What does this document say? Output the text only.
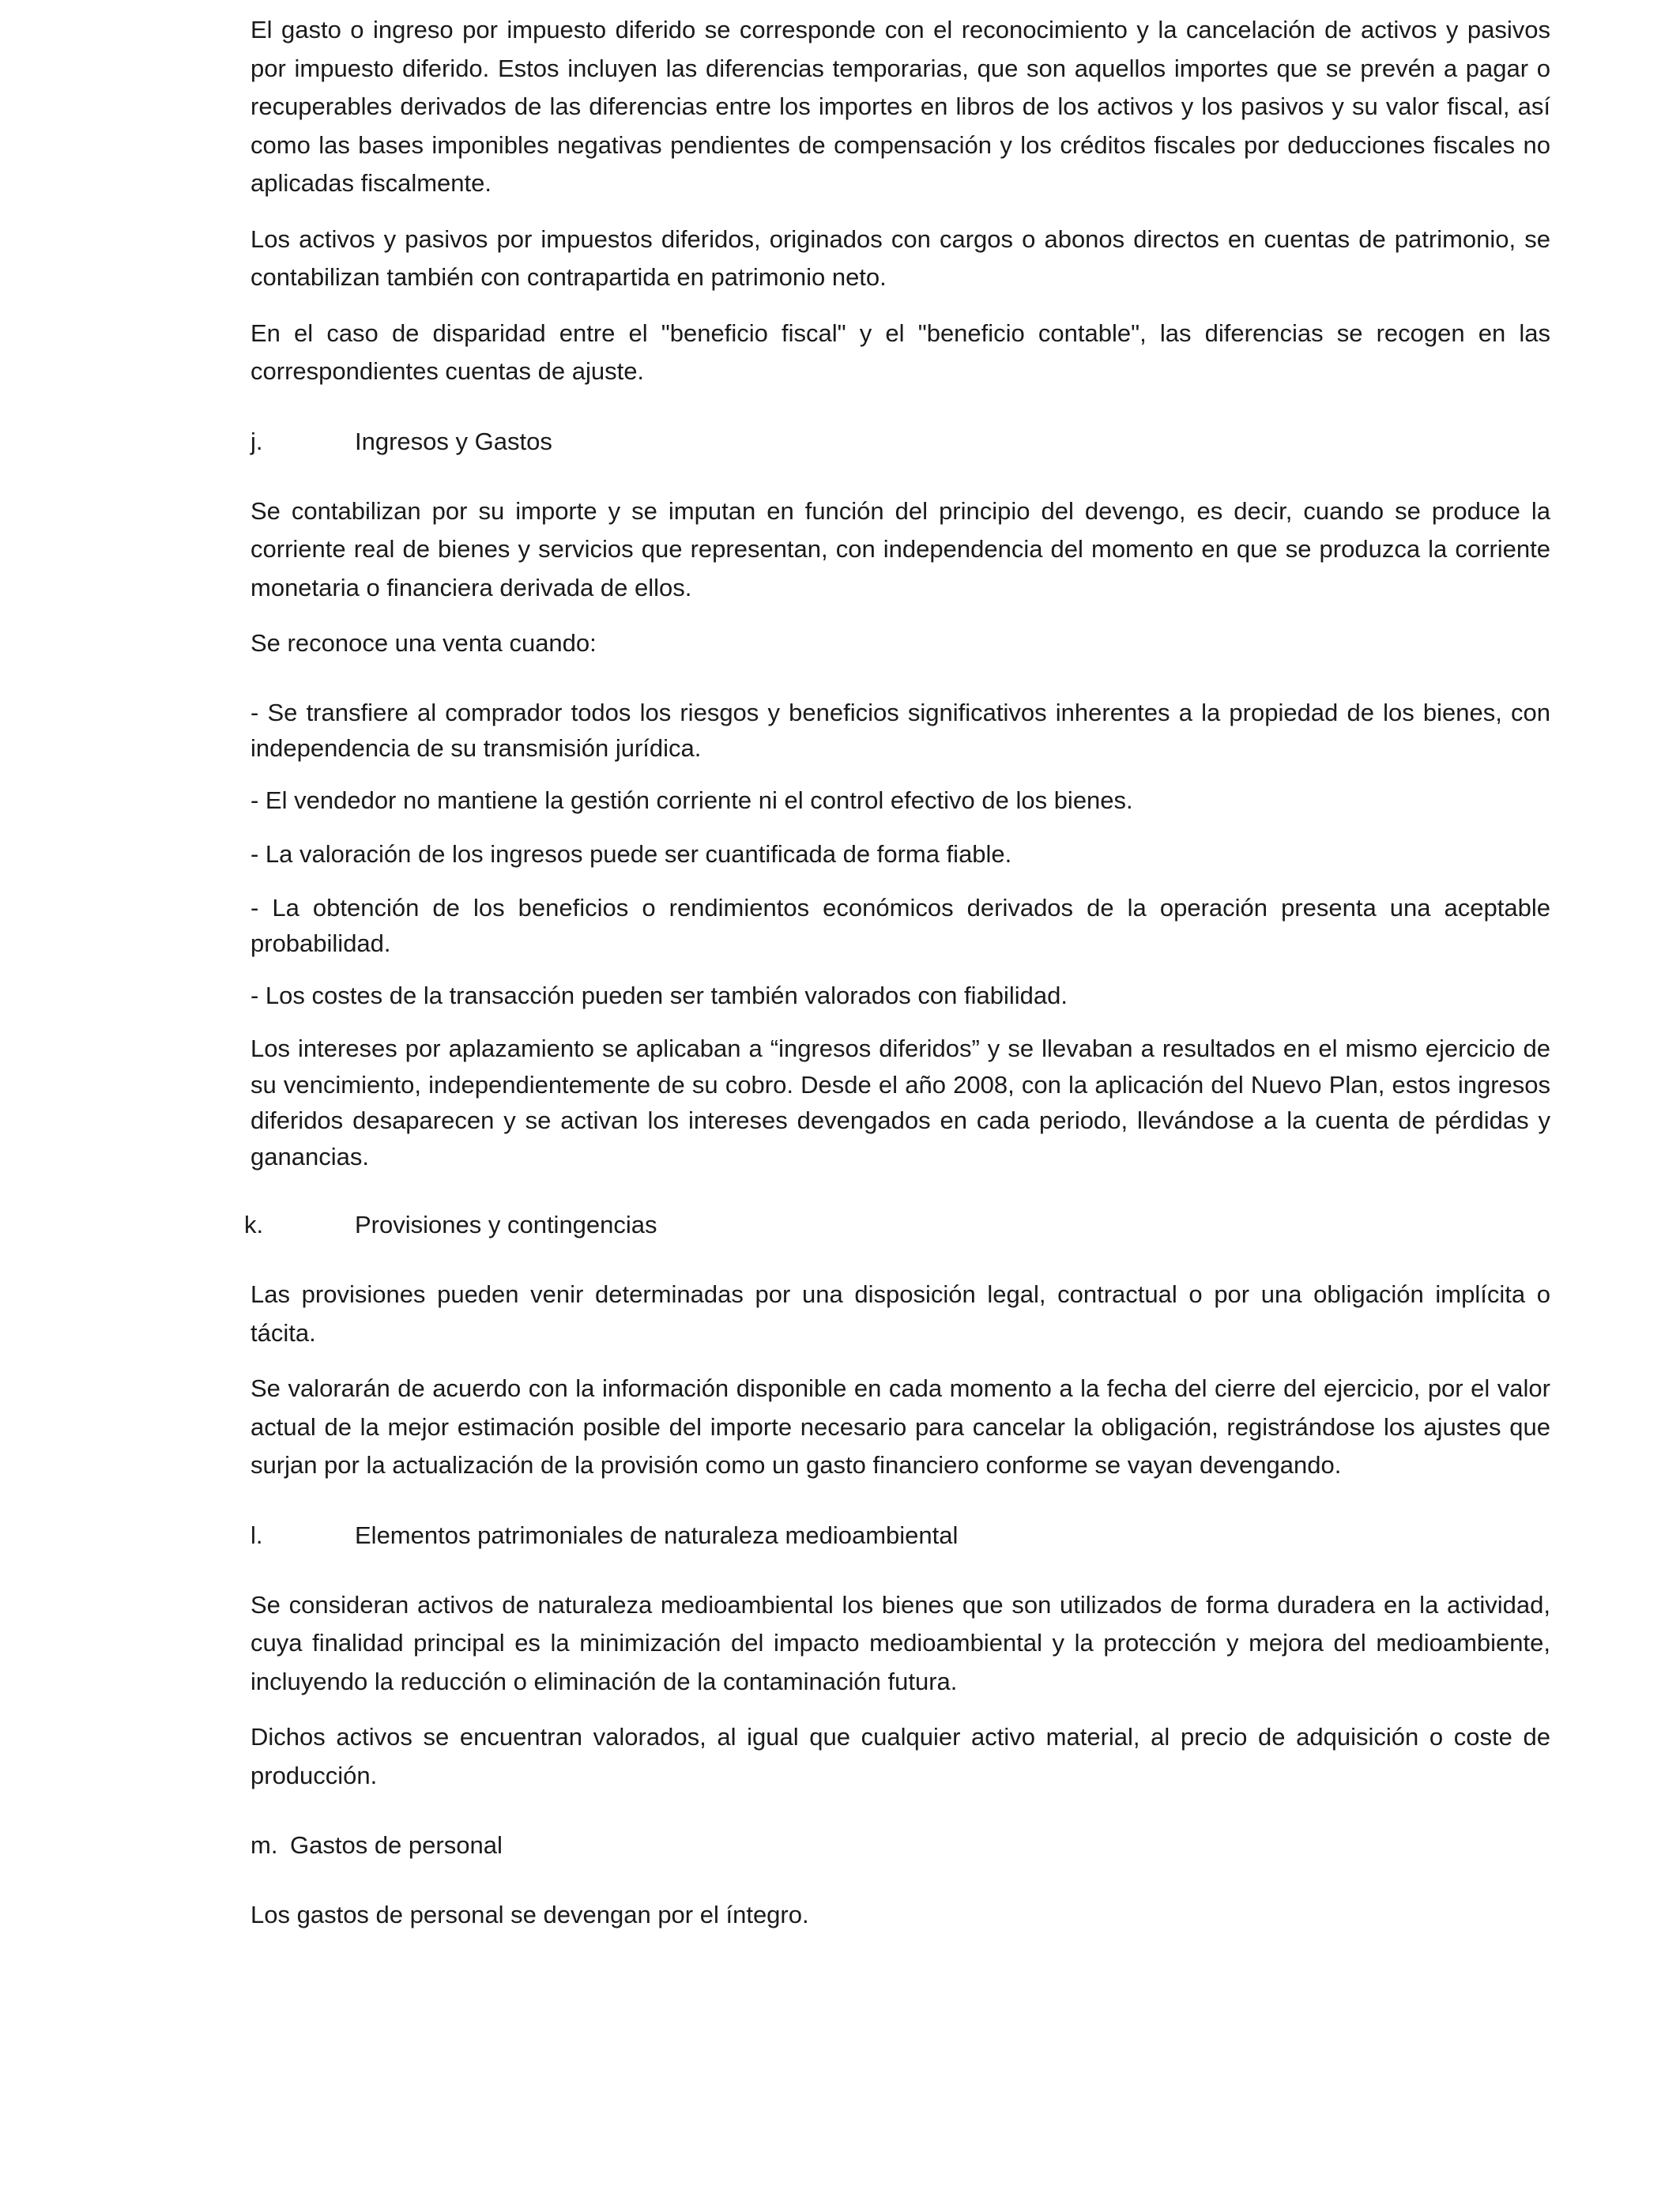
El gasto o ingreso por impuesto diferido se corresponde con el reconocimiento y la cancelación de activos y pasivos por impuesto diferido. Estos incluyen las diferencias temporarias, que son aquellos importes que se prevén a pagar o recuperables derivados de las diferencias entre los importes en libros de los activos y los pasivos y su valor fiscal, así como las bases imponibles negativas pendientes de compensación y los créditos fiscales por deducciones fiscales no aplicadas fiscalmente.

Los activos y pasivos por impuestos diferidos, originados con cargos o abonos directos en cuentas de patrimonio, se contabilizan también con contrapartida en patrimonio neto.

En el caso de disparidad entre el "beneficio fiscal" y el "beneficio contable", las diferencias se recogen en las correspondientes cuentas de ajuste.

j.	Ingresos y Gastos

Se contabilizan por su importe y se imputan en función del principio del devengo, es decir, cuando se produce la corriente real de bienes y servicios que representan, con independencia del momento en que se produzca la corriente monetaria o financiera derivada de ellos.

Se reconoce una venta cuando:

- Se transfiere al comprador todos los riesgos y beneficios significativos inherentes a la propiedad de los bienes, con independencia de su transmisión jurídica.

- El vendedor no mantiene la gestión corriente ni el control efectivo de los bienes.

- La valoración de los ingresos puede ser cuantificada de forma fiable.

- La obtención de los beneficios o rendimientos económicos derivados de la operación presenta una aceptable probabilidad.

- Los costes de la transacción pueden ser también valorados con fiabilidad.

Los intereses por aplazamiento se aplicaban a “ingresos diferidos” y se llevaban a resultados en el mismo ejercicio de su vencimiento, independientemente de su cobro. Desde el año 2008, con la aplicación del Nuevo Plan, estos ingresos diferidos desaparecen y se activan los intereses devengados en cada periodo, llevándose a la cuenta de pérdidas y ganancias.

k.	Provisiones y contingencias

Las provisiones pueden venir determinadas por una disposición legal, contractual o por una obligación implícita o tácita.

Se valorarán de acuerdo con la información disponible en cada momento a la fecha del cierre del ejercicio, por el valor actual de la mejor estimación posible del importe necesario para cancelar la obligación, registrándose los ajustes que surjan por la actualización de la provisión como un gasto financiero conforme se vayan devengando.

l.	Elementos patrimoniales de naturaleza medioambiental

Se consideran activos de naturaleza medioambiental los bienes que son utilizados de forma duradera en la actividad, cuya finalidad principal es la minimización del impacto medioambiental y la protección y mejora del medioambiente, incluyendo la reducción o eliminación de la contaminación futura.

Dichos activos se encuentran valorados, al igual que cualquier activo material, al precio de adquisición o coste de producción.

m. Gastos de personal

Los gastos de personal se devengan por el íntegro.
